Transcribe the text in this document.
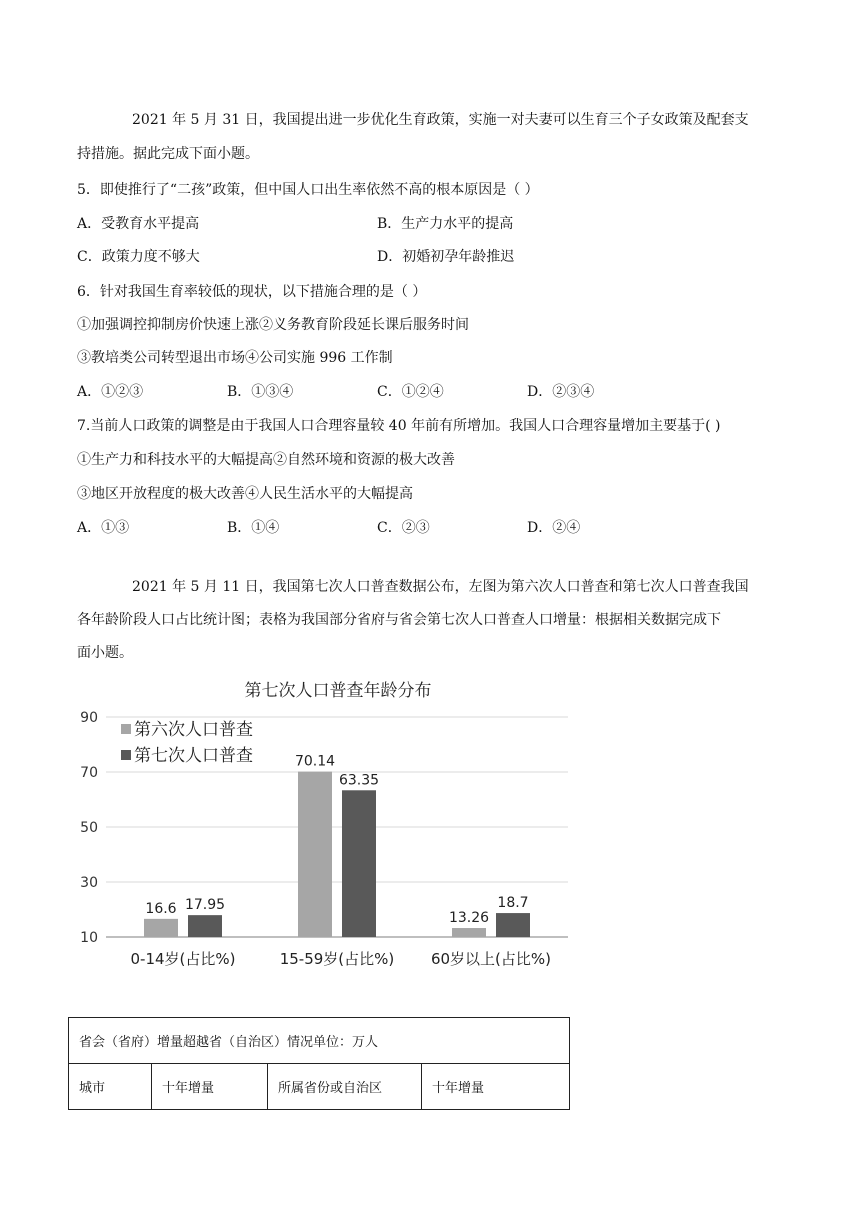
2021 年 5 月 31 日，我国提出进一步优化生育政策，实施一对夫妻可以生育三个子女政策及配套支
持措施。据此完成下面小题。
5．即使推行了“二孩”政策，但中国人口出生率依然不高的根本原因是（ ）
A．受教育水平提高	B．生产力水平的提高
C．政策力度不够大	D．初婚初孕年龄推迟
6．针对我国生育率较低的现状，以下措施合理的是（ ）
①加强调控抑制房价快速上涨②义务教育阶段延长课后服务时间
③教培类公司转型退出市场④公司实施 996 工作制
A．①②③	B．①③④	C．①②④	D．②③④
7.当前人口政策的调整是由于我国人口合理容量较 40 年前有所增加。我国人口合理容量增加主要基于( )
①生产力和科技水平的大幅提高②自然环境和资源的极大改善
③地区开放程度的极大改善④人民生活水平的大幅提高
A．①③	B．①④	C．②③	D．②④
2021 年 5 月 11 日，我国第七次人口普查数据公布，左图为第六次人口普查和第七次人口普查我国
各年龄阶段人口占比统计图；表格为我国部分省府与省会第七次人口普查人口增量：根据相关数据完成下
面小题。
第七次人口普查年龄分布
10
30
50
70
90
16.6 17.95
0-14岁(占比%)
70.14
63.35
15-59岁(占比%)
13.26
18.7
60岁以上(占比%)
第六次人口普查
第七次人口普查
省会（省府）增量超越省（自治区）情况单位：万人
城市	十年增量	所属省份或自治区	十年增量
